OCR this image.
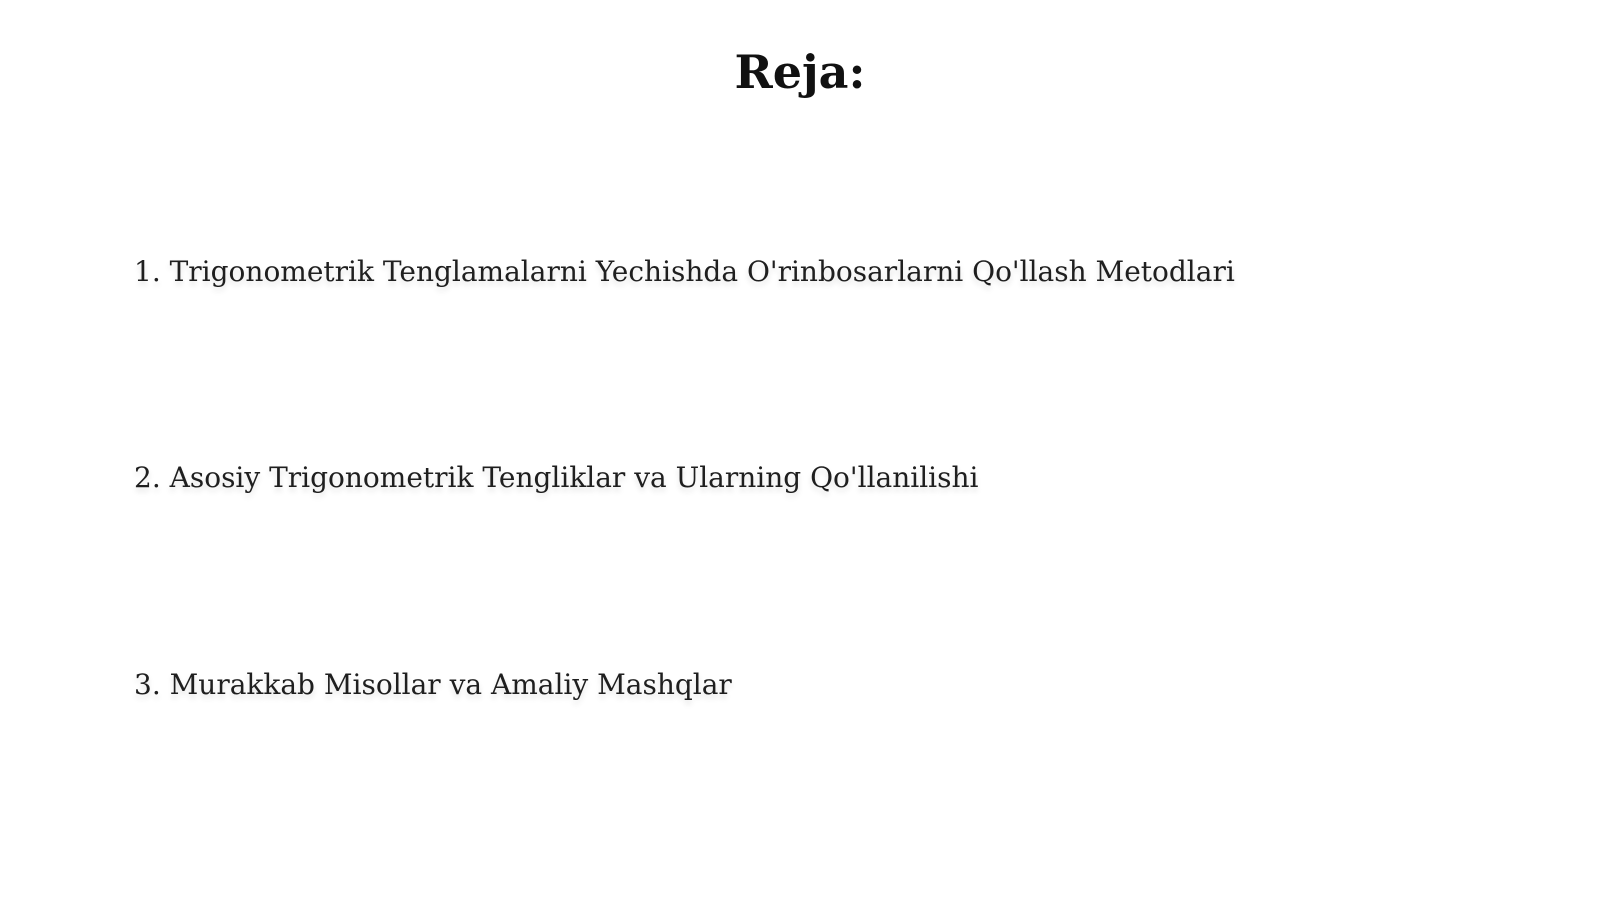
Reja:
1. Trigonometrik Tenglamalarni Yechishda O'rinbosarlarni Qo'llash Metodlari
2. Asosiy Trigonometrik Tengliklar va Ularning Qo'llanilishi
3. Murakkab Misollar va Amaliy Mashqlar
